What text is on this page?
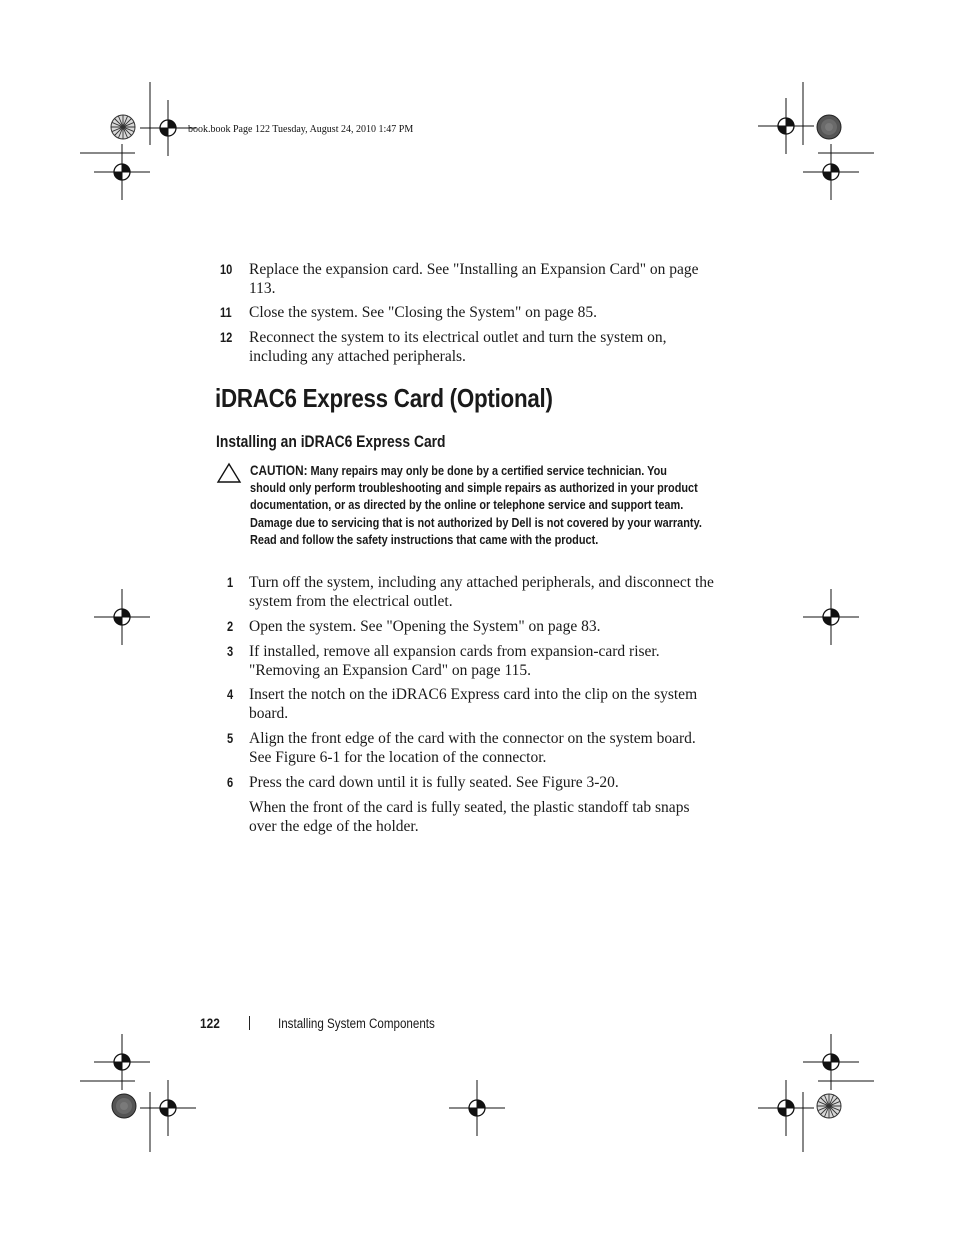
book.book Page 122 Tuesday, August 24, 2010 1:47 PM
10 Replace the expansion card. See "Installing an Expansion Card" on page 113.
11 Close the system. See "Closing the System" on page 85.
12 Reconnect the system to its electrical outlet and turn the system on, including any attached peripherals.
iDRAC6 Express Card (Optional)
Installing an iDRAC6 Express Card
CAUTION: Many repairs may only be done by a certified service technician. You should only perform troubleshooting and simple repairs as authorized in your product documentation, or as directed by the online or telephone service and support team. Damage due to servicing that is not authorized by Dell is not covered by your warranty. Read and follow the safety instructions that came with the product.
1 Turn off the system, including any attached peripherals, and disconnect the system from the electrical outlet.
2 Open the system. See "Opening the System" on page 83.
3 If installed, remove all expansion cards from expansion-card riser. "Removing an Expansion Card" on page 115.
4 Insert the notch on the iDRAC6 Express card into the clip on the system board.
5 Align the front edge of the card with the connector on the system board. See Figure 6-1 for the location of the connector.
6 Press the card down until it is fully seated. See Figure 3-20.
When the front of the card is fully seated, the plastic standoff tab snaps over the edge of the holder.
122	Installing System Components
